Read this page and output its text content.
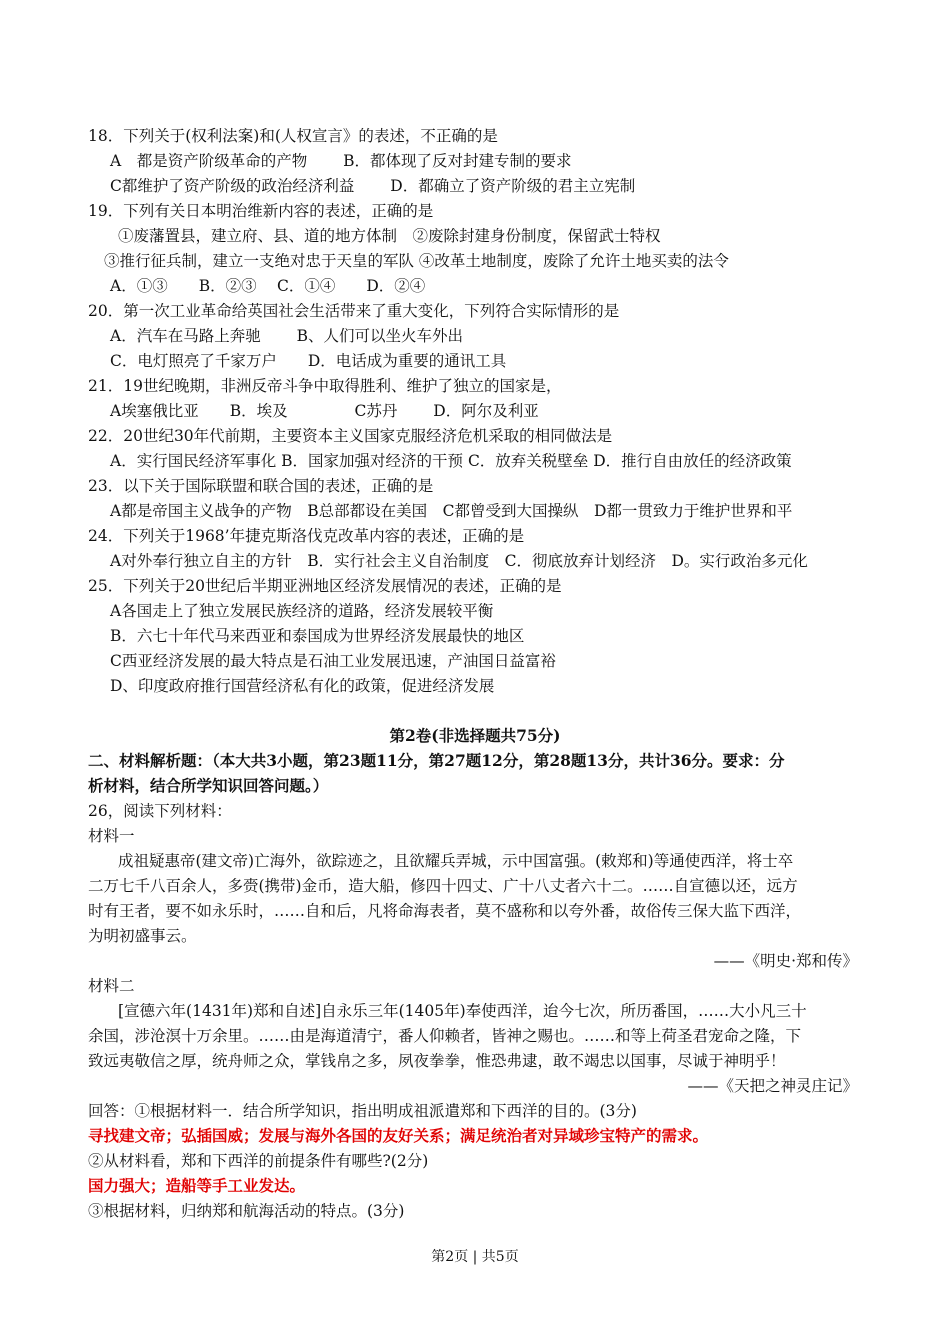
18．下列关于(权利法案)和(人权宣言》的表述，不正确的是
A　都是资产阶级革命的产物　　 B．都体现了反对封建专制的要求
C都维护了资产阶级的政治经济利益　　 D．都确立了资产阶级的君主立宪制
19．下列有关日本明治维新内容的表述，正确的是
①废藩置县，建立府、县、道的地方体制　②废除封建身份制度，保留武士特权
③推行征兵制，建立一支绝对忠于天皇的军队 ④改革土地制度，废除了允许土地买卖的法令
A．①③　　B．②③　 C．①④　　D．②④
20．第一次工业革命给英国社会生活带来了重大变化，下列符合实际情形的是
A．汽车在马路上奔驰　　 B、人们可以坐火车外出
C．电灯照亮了千家万户　　D．电话成为重要的通讯工具
21．19世纪晚期，非洲反帝斗争中取得胜利、维护了独立的国家是，
A埃塞俄比亚　　B．埃及　　　　 C苏丹　　 D．阿尔及利亚
22．20世纪30年代前期，主要资本主义国家克服经济危机采取的相同做法是
A．实行国民经济军事化 B．国家加强对经济的干预 C．放弃关税壁垒 D．推行自由放任的经济政策
23．以下关于国际联盟和联合国的表述，正确的是
A都是帝国主义战争的产物　B总部都设在美国　C都曾受到大国操纵　D都一贯致力于维护世界和平
24．下列关于1968’年捷克斯洛伐克改革内容的表述，正确的是
A对外奉行独立自主的方针　B．实行社会主义自治制度　C．彻底放弃计划经济　D。实行政治多元化
25．下列关于20世纪后半期亚洲地区经济发展情况的表述，正确的是
A各国走上了独立发展民族经济的道路，经济发展较平衡
B．六七十年代马来西亚和泰国成为世界经济发展最快的地区
C西亚经济发展的最大特点是石油工业发展迅速，产油国日益富裕
D、印度政府推行国营经济私有化的政策，促进经济发展
第2卷(非选择题共75分)
二、材料解析题：（本大共3小题，第23题11分，第27题12分，第28题13分，共计36分。要求：分
析材料，结合所学知识回答问题。）
26，阅读下列材料：
材料一
成祖疑惠帝(建文帝)亡海外，欲踪迹之，且欲耀兵弄城，示中国富强。(敕郑和)等通使西洋，将士卒
二万七千八百余人，多赍(携带)金币，造大船，修四十四丈、广十八丈者六十二。……自宣德以还，远方
时有王者，要不如永乐时，……自和后，凡将命海表者，莫不盛称和以夸外番，故俗传三保大监下西洋，
为明初盛事云。
——《明史·郑和传》
材料二
[宣德六年(1431年)郑和自述]自永乐三年(1405年)奉使西洋，迨今七次，所历番国，……大小凡三十
余国，涉沧溟十万余里。……由是海道清宁，番人仰赖者，皆神之赐也。……和等上荷圣君宠命之隆，下
致远夷敬信之厚，统舟师之众，掌钱帛之多，夙夜拳拳，惟恐弗逮，敢不竭忠以国事，尽诚于神明乎！
——《天把之神灵庄记》
回答：①根据材料一．结合所学知识，指出明成祖派遣郑和下西洋的目的。(3分)
寻找建文帝；弘插国威；发展与海外各国的友好关系；满足统治者对异域珍宝特产的需求。
②从材料看，郑和下西洋的前提条件有哪些?(2分)
国力强大；造船等手工业发达。
③根据材料，归纳郑和航海活动的特点。(3分)
第2页 | 共5页
